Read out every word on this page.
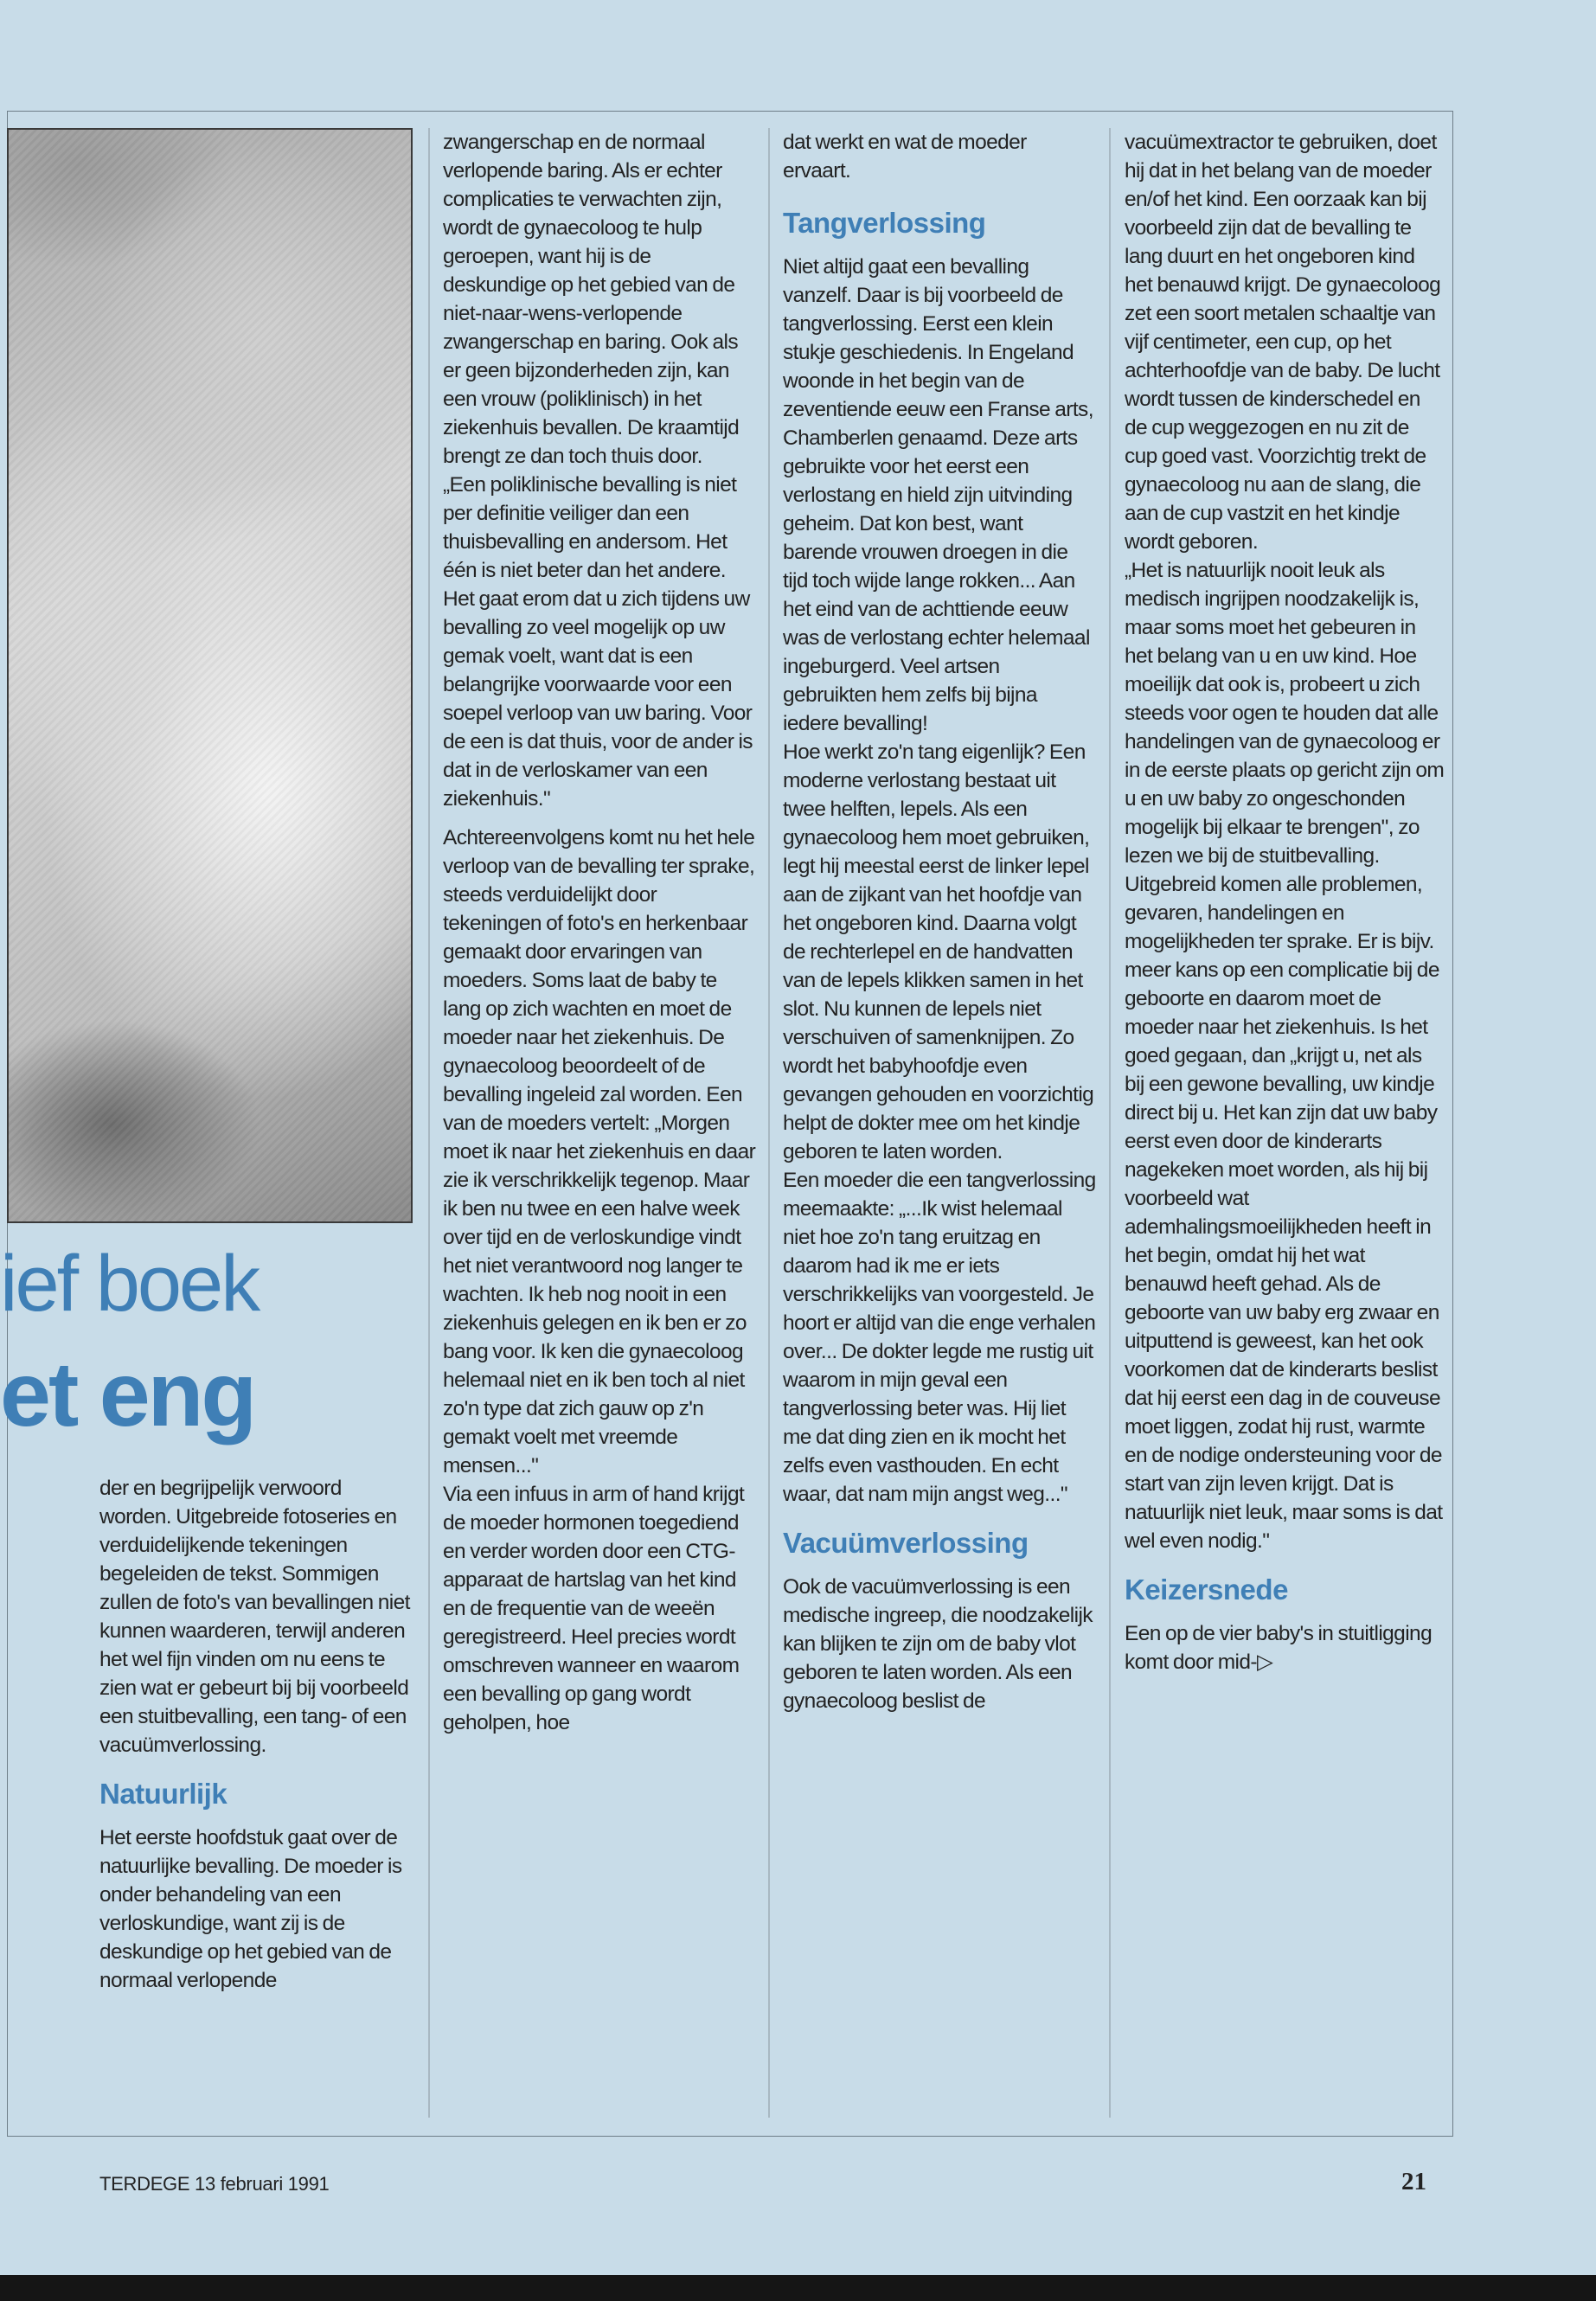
ief boek
et eng

der en begrijpelijk verwoord worden. Uitgebreide fotoseries en verduidelijkende tekeningen begeleiden de tekst. Sommigen zullen de foto's van bevallingen niet kunnen waarderen, terwijl anderen het wel fijn vinden om nu eens te zien wat er gebeurt bij bij voorbeeld een stuitbevalling, een tang- of een vacuümverlossing.

Natuurlijk

Het eerste hoofdstuk gaat over de natuurlijke bevalling. De moeder is onder behandeling van een verloskundige, want zij is de deskundige op het gebied van de normaal verlopende

zwangerschap en de normaal verlopende baring. Als er echter complicaties te verwachten zijn, wordt de gynaecoloog te hulp geroepen, want hij is de deskundige op het gebied van de niet-naar-wens-verlopende zwangerschap en baring. Ook als er geen bijzonderheden zijn, kan een vrouw (poliklinisch) in het ziekenhuis bevallen. De kraamtijd brengt ze dan toch thuis door.

„Een poliklinische bevalling is niet per definitie veiliger dan een thuisbevalling en andersom. Het één is niet beter dan het andere. Het gaat erom dat u zich tijdens uw bevalling zo veel mogelijk op uw gemak voelt, want dat is een belangrijke voorwaarde voor een soepel verloop van uw baring. Voor de een is dat thuis, voor de ander is dat in de verloskamer van een ziekenhuis."

Achtereenvolgens komt nu het hele verloop van de bevalling ter sprake, steeds verduidelijkt door tekeningen of foto's en herkenbaar gemaakt door ervaringen van moeders. Soms laat de baby te lang op zich wachten en moet de moeder naar het ziekenhuis. De gynaecoloog beoordeelt of de bevalling ingeleid zal worden. Een van de moeders vertelt: „Morgen moet ik naar het ziekenhuis en daar zie ik verschrikkelijk tegenop. Maar ik ben nu twee en een halve week over tijd en de verloskundige vindt het niet verantwoord nog langer te wachten. Ik heb nog nooit in een ziekenhuis gelegen en ik ben er zo bang voor. Ik ken die gynaecoloog helemaal niet en ik ben toch al niet zo'n type dat zich gauw op z'n gemakt voelt met vreemde mensen..."

Via een infuus in arm of hand krijgt de moeder hormonen toegediend en verder worden door een CTG-apparaat de hartslag van het kind en de frequentie van de weeën geregistreerd. Heel precies wordt omschreven wanneer en waarom een bevalling op gang wordt geholpen, hoe

dat werkt en wat de moeder ervaart.

Tangverlossing

Niet altijd gaat een bevalling vanzelf. Daar is bij voorbeeld de tangverlossing. Eerst een klein stukje geschiedenis. In Engeland woonde in het begin van de zeventiende eeuw een Franse arts, Chamberlen genaamd. Deze arts gebruikte voor het eerst een verlostang en hield zijn uitvinding geheim. Dat kon best, want barende vrouwen droegen in die tijd toch wijde lange rokken... Aan het eind van de achttiende eeuw was de verlostang echter helemaal ingeburgerd. Veel artsen gebruikten hem zelfs bij bijna iedere bevalling!

Hoe werkt zo'n tang eigenlijk? Een moderne verlostang bestaat uit twee helften, lepels. Als een gynaecoloog hem moet gebruiken, legt hij meestal eerst de linker lepel aan de zijkant van het hoofdje van het ongeboren kind. Daarna volgt de rechterlepel en de handvatten van de lepels klikken samen in het slot. Nu kunnen de lepels niet verschuiven of samenknijpen. Zo wordt het babyhoofdje even gevangen gehouden en voorzichtig helpt de dokter mee om het kindje geboren te laten worden.

Een moeder die een tangverlossing meemaakte: „...Ik wist helemaal niet hoe zo'n tang eruitzag en daarom had ik me er iets verschrikkelijks van voorgesteld. Je hoort er altijd van die enge verhalen over... De dokter legde me rustig uit waarom in mijn geval een tangverlossing beter was. Hij liet me dat ding zien en ik mocht het zelfs even vasthouden. En echt waar, dat nam mijn angst weg..."

Vacuümverlossing

Ook de vacuümverlossing is een medische ingreep, die noodzakelijk kan blijken te zijn om de baby vlot geboren te laten worden. Als een gynaecoloog beslist de

vacuümextractor te gebruiken, doet hij dat in het belang van de moeder en/of het kind. Een oorzaak kan bij voorbeeld zijn dat de bevalling te lang duurt en het ongeboren kind het benauwd krijgt. De gynaecoloog zet een soort metalen schaaltje van vijf centimeter, een cup, op het achterhoofdje van de baby. De lucht wordt tussen de kinderschedel en de cup weggezogen en nu zit de cup goed vast. Voorzichtig trekt de gynaecoloog nu aan de slang, die aan de cup vastzit en het kindje wordt geboren.

„Het is natuurlijk nooit leuk als medisch ingrijpen noodzakelijk is, maar soms moet het gebeuren in het belang van u en uw kind. Hoe moeilijk dat ook is, probeert u zich steeds voor ogen te houden dat alle handelingen van de gynaecoloog er in de eerste plaats op gericht zijn om u en uw baby zo ongeschonden mogelijk bij elkaar te brengen", zo lezen we bij de stuitbevalling.

Uitgebreid komen alle problemen, gevaren, handelingen en mogelijkheden ter sprake. Er is bijv. meer kans op een complicatie bij de geboorte en daarom moet de moeder naar het ziekenhuis. Is het goed gegaan, dan „krijgt u, net als bij een gewone bevalling, uw kindje direct bij u. Het kan zijn dat uw baby eerst even door de kinderarts nagekeken moet worden, als hij bij voorbeeld wat ademhalingsmoeilijkheden heeft in het begin, omdat hij het wat benauwd heeft gehad. Als de geboorte van uw baby erg zwaar en uitputtend is geweest, kan het ook voorkomen dat de kinderarts beslist dat hij eerst een dag in de couveuse moet liggen, zodat hij rust, warmte en de nodige ondersteuning voor de start van zijn leven krijgt. Dat is natuurlijk niet leuk, maar soms is dat wel even nodig."

Keizersnede

Een op de vier baby's in stuitligging komt door mid-▷

TERDEGE 13 februari 1991	21
